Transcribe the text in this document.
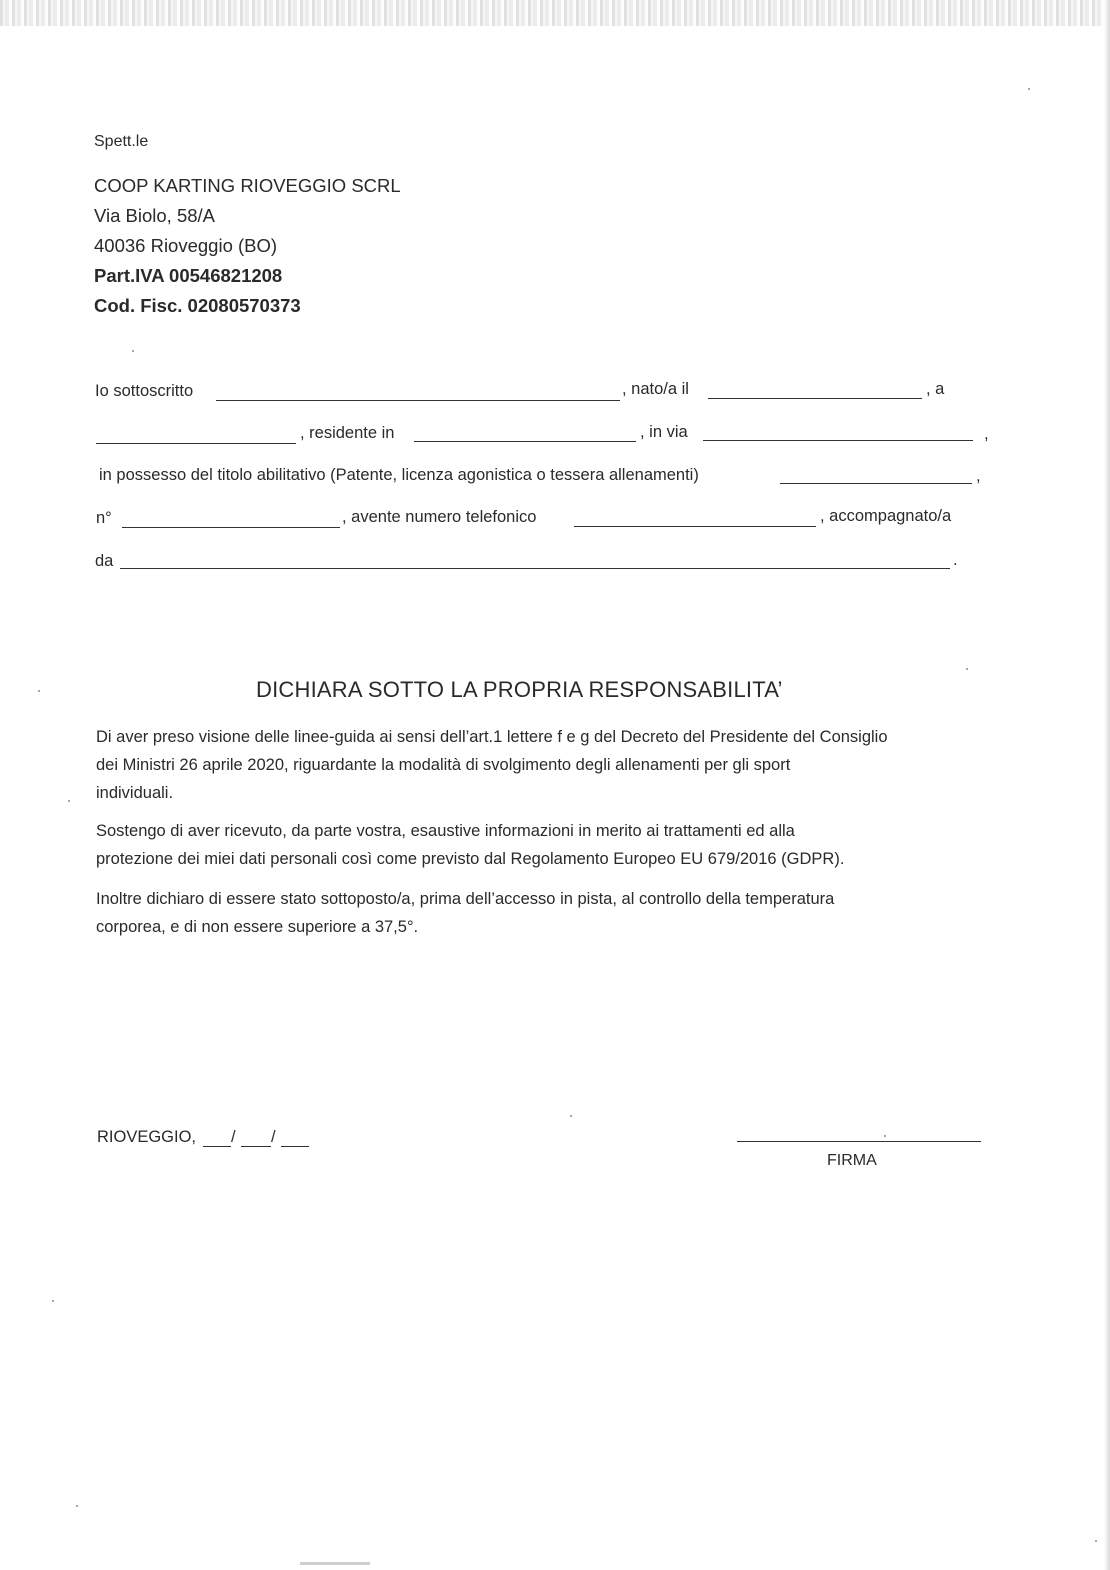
Spett.le
COOP KARTING RIOVEGGIO SCRL
Via Biolo, 58/A
40036 Rioveggio (BO)
Part.IVA 00546821208
Cod. Fisc. 02080570373
Io sottoscritto	, nato/a il	, a
, residente in	, in via	,
in possesso del titolo abilitativo (Patente, licenza agonistica o tessera allenamenti)	,
n°	, avente numero telefonico	, accompagnato/a
da	.
DICHIARA SOTTO LA PROPRIA RESPONSABILITA’
Di aver preso visione delle linee-guida ai sensi dell’art.1 lettere f e g del Decreto del Presidente del Consiglio
dei Ministri 26 aprile 2020, riguardante la modalità di svolgimento degli allenamenti per gli sport
individuali.
Sostengo di aver ricevuto, da parte vostra, esaustive informazioni in merito ai trattamenti ed alla
protezione dei miei dati personali così come previsto dal Regolamento Europeo EU 679/2016 (GDPR).
Inoltre dichiaro di essere stato sottoposto/a, prima dell’accesso in pista, al controllo della temperatura
corporea, e di non essere superiore a 37,5°.
RIOVEGGIO, / /
FIRMA
